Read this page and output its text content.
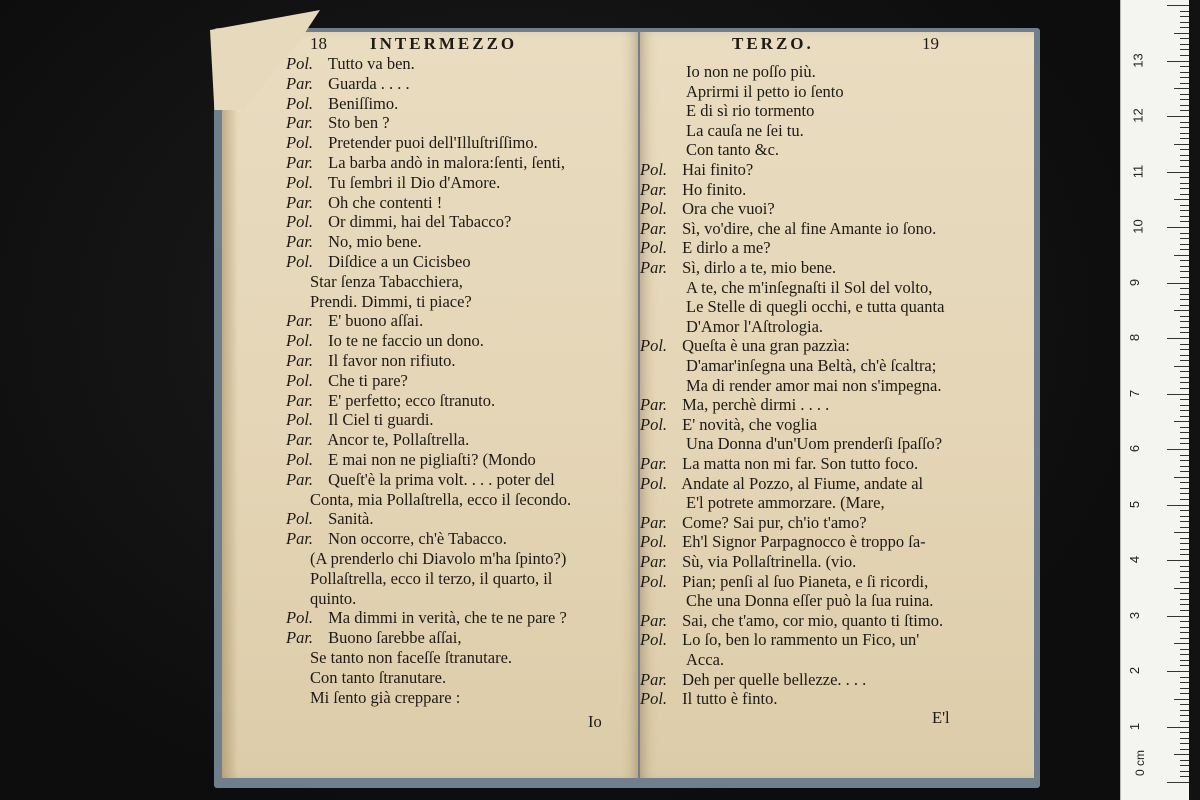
18	INTERMEZZO
Pol. Tutto va ben.
Par. Guarda . . . .
Pol. Beniſſimo.
Par. Sto ben ?
Pol. Pretender puoi dell'Illuſtriſſimo.
Par. La barba andò in malora:ſenti, ſenti,
Pol. Tu ſembri il Dio d'Amore.
Par. Oh che contenti !
Pol. Or dimmi, hai del Tabacco?
Par. No, mio bene.
Pol. Diſdice a un Cicisbeo
Star ſenza Tabacchiera,
Prendi. Dimmi, ti piace?
Par. E' buono aſſai.
Pol. Io te ne faccio un dono.
Par. Il favor non rifiuto.
Pol. Che ti pare?
Par. E' perfetto; ecco ſtranuto.
Pol. Il Ciel ti guardi.
Par. Ancor te, Pollaſtrella.
Pol. E mai non ne pigliaſti? (Mondo
Par. Queſt'è la prima volt. . . . poter del
Conta, mia Pollaſtrella, ecco il ſecondo.
Pol. Sanità.
Par. Non occorre, ch'è Tabacco.
(A prenderlo chi Diavolo m'ha ſpinto?)
Pollaſtrella, ecco il terzo, il quarto, il
quinto.
Pol. Ma dimmi in verità, che te ne pare ?
Par. Buono ſarebbe aſſai,
Se tanto non faceſſe ſtranutare.
Con tanto ſtranutare.
Mi ſento già creppare :
Io
TERZO.	19
Io non ne poſſo più.
Aprirmi il petto io ſento
E di sì rio tormento
La cauſa ne ſei tu.
Con tanto &c.
Pol. Hai finito?
Par. Ho finito.
Pol. Ora che vuoi?
Par. Sì, vo'dire, che al fine Amante io ſono.
Pol. E dirlo a me?
Par. Sì, dirlo a te, mio bene.
A te, che m'inſegnaſti il Sol del volto,
Le Stelle di quegli occhi, e tutta quanta
D'Amor l'Aſtrologia.
Pol. Queſta è una gran pazzìa:
D'amar'inſegna una Beltà, ch'è ſcaltra;
Ma di render amor mai non s'impegna.
Par. Ma, perchè dirmi . . . .
Pol. E' novità, che voglia
Una Donna d'un'Uom prenderſi ſpaſſo?
Par. La matta non mi far. Son tutto foco.
Pol. Andate al Pozzo, al Fiume, andate al
E'l potrete ammorzare. (Mare,
Par. Come? Sai pur, ch'io t'amo?
Pol. Eh'l Signor Parpagnocco è troppo ſa-
Par. Sù, via Pollaſtrinella. (vio.
Pol. Pian; penſi al ſuo Pianeta, e ſi ricordi,
Che una Donna eſſer può la ſua ruina.
Par. Sai, che t'amo, cor mio, quanto ti ſtimo.
Pol. Lo ſo, ben lo rammento un Fico, un'
Acca.
Par. Deh per quelle bellezze. . . .
Pol. Il tutto è finto.
E'l	1
2
3
4
5
6
7
8
9
10
11
12
13
0 cm
